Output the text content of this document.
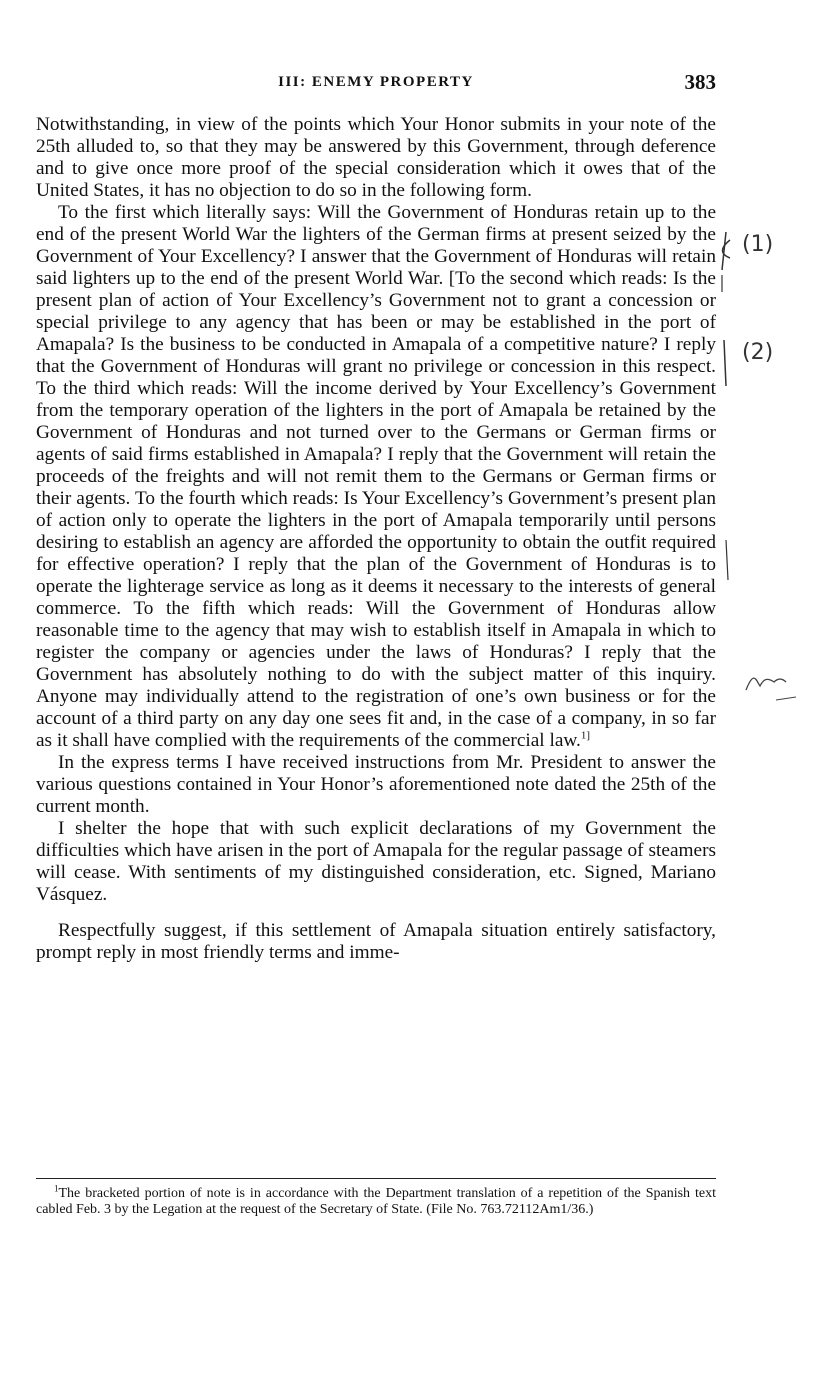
III: ENEMY PROPERTY	383

Notwithstanding, in view of the points which Your Honor submits in your note of the 25th alluded to, so that they may be answered by this Government, through deference and to give once more proof of the special consideration which it owes that of the United States, it has no objection to do so in the following form.

To the first which literally says: Will the Government of Honduras retain up to the end of the present World War the lighters of the German firms at present seized by the Government of Your Excellency? I answer that the Government of Honduras will retain said lighters up to the end of the present World War. [To the second which reads: Is the present plan of action of Your Excellency’s Government not to grant a concession or special privilege to any agency that has been or may be established in the port of Amapala? Is the business to be conducted in Amapala of a competitive nature? I reply that the Government of Honduras will grant no privilege or concession in this respect. To the third which reads: Will the income derived by Your Excellency’s Government from the temporary operation of the lighters in the port of Amapala be retained by the Government of Honduras and not turned over to the Germans or German firms or agents of said firms established in Amapala? I reply that the Government will retain the proceeds of the freights and will not remit them to the Germans or German firms or their agents. To the fourth which reads: Is Your Excellency’s Government’s present plan of action only to operate the lighters in the port of Amapala temporarily until persons desiring to establish an agency are afforded the opportunity to obtain the outfit required for effective operation? I reply that the plan of the Government of Honduras is to operate the lighterage service as long as it deems it necessary to the interests of general commerce. To the fifth which reads: Will the Government of Honduras allow reasonable time to the agency that may wish to establish itself in Amapala in which to register the company or agencies under the laws of Honduras? I reply that the Government has absolutely nothing to do with the subject matter of this inquiry. Anyone may individually attend to the registration of one’s own business or for the account of a third party on any day one sees fit and, in the case of a company, in so far as it shall have complied with the requirements of the commercial law.$^{1]}$

In the express terms I have received instructions from Mr. President to answer the various questions contained in Your Honor’s aforementioned note dated the 25th of the current month.

I shelter the hope that with such explicit declarations of my Government the difficulties which have arisen in the port of Amapala for the regular passage of steamers will cease. With sentiments of my distinguished consideration, etc. Signed, Mariano Vásquez.

Respectfully suggest, if this settlement of Amapala situation entirely satisfactory, prompt reply in most friendly terms and imme-

(1)
(2)

$^1$The bracketed portion of note is in accordance with the Department translation of a repetition of the Spanish text cabled Feb. 3 by the Legation at the request of the Secretary of State. (File No. 763.72112Am1/36.)
